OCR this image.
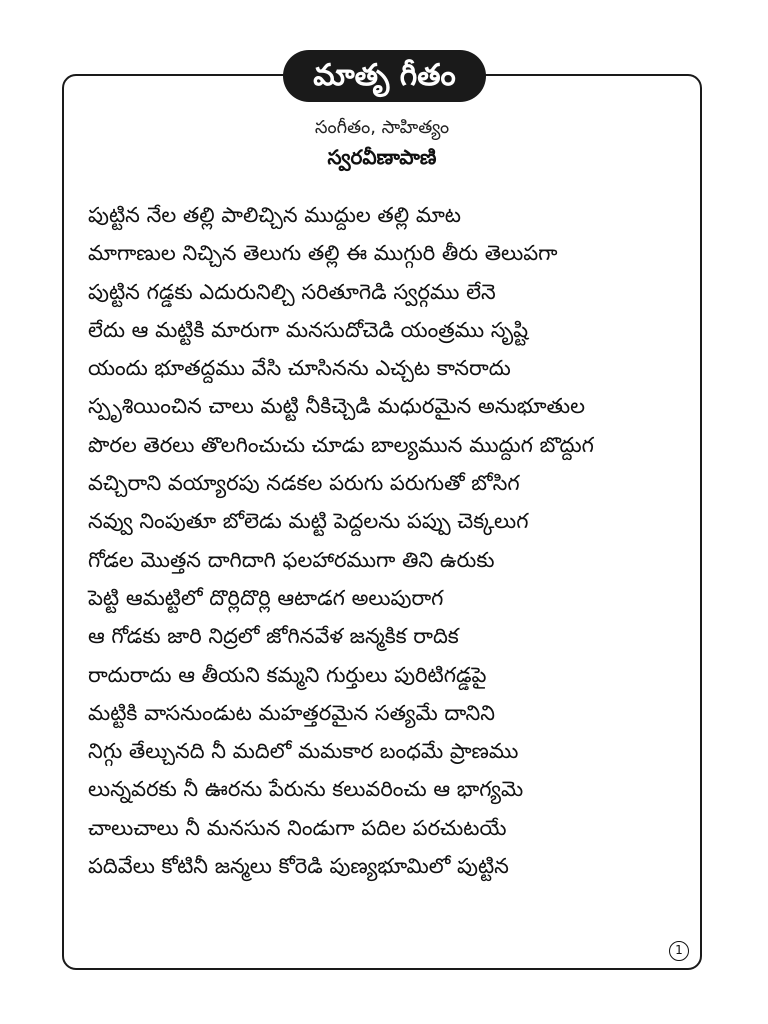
మాతృ గీతం
సంగీతం, సాహిత్యం
స్వరవీణాపాణి
పుట్టిన నేల తల్లి పాలిచ్చిన ముద్దుల తల్లి మాట
మాగాణుల నిచ్చిన తెలుగు తల్లి ఈ ముగ్గురి తీరు తెలుపగా
పుట్టిన గడ్డకు ఎదురునిల్చి సరితూగెడి స్వర్గము లేనె
లేదు ఆ మట్టికి మారుగా మనసుదోచెడి యంత్రము సృష్టి
యందు భూతద్దము వేసి చూసినను ఎచ్చట కానరాదు
స్పృశియించిన చాలు మట్టి నీకిచ్చెడి మధురమైన అనుభూతుల
పొరల తెరలు తొలగించుచు చూడు బాల్యమున ముద్దుగ బొద్దుగ
వచ్చిరాని వయ్యారపు నడకల పరుగు పరుగుతో బోసిగ
నవ్వు నింపుతూ బోలెడు మట్టి పెద్దలను పప్పు చెక్కలుగ
గోడల మొత్తన దాగిదాగి ఫలహారముగా తిని ఉరుకు
పెట్టి ఆమట్టిలో దొర్లిదొర్లి ఆటాడగ అలుపురాగ
ఆ గోడకు జారి నిద్రలో జోగినవేళ జన్మకిక రాదిక
రాదురాదు ఆ తీయని కమ్మని గుర్తులు పురిటిగడ్డపై
మట్టికి వాసనుండుట మహత్తరమైన సత్యమే దానిని
నిగ్గు తేల్చునది నీ మదిలో మమకార బంధమే ప్రాణము
లున్నవరకు నీ ఊరను పేరును కలువరించు ఆ భాగ్యమె
చాలుచాలు నీ మనసున నిండుగా పదిల పరచుటయే
పదివేలు కోటినీ జన్మలు కోరెడి పుణ్యభూమిలో పుట్టిన
1
